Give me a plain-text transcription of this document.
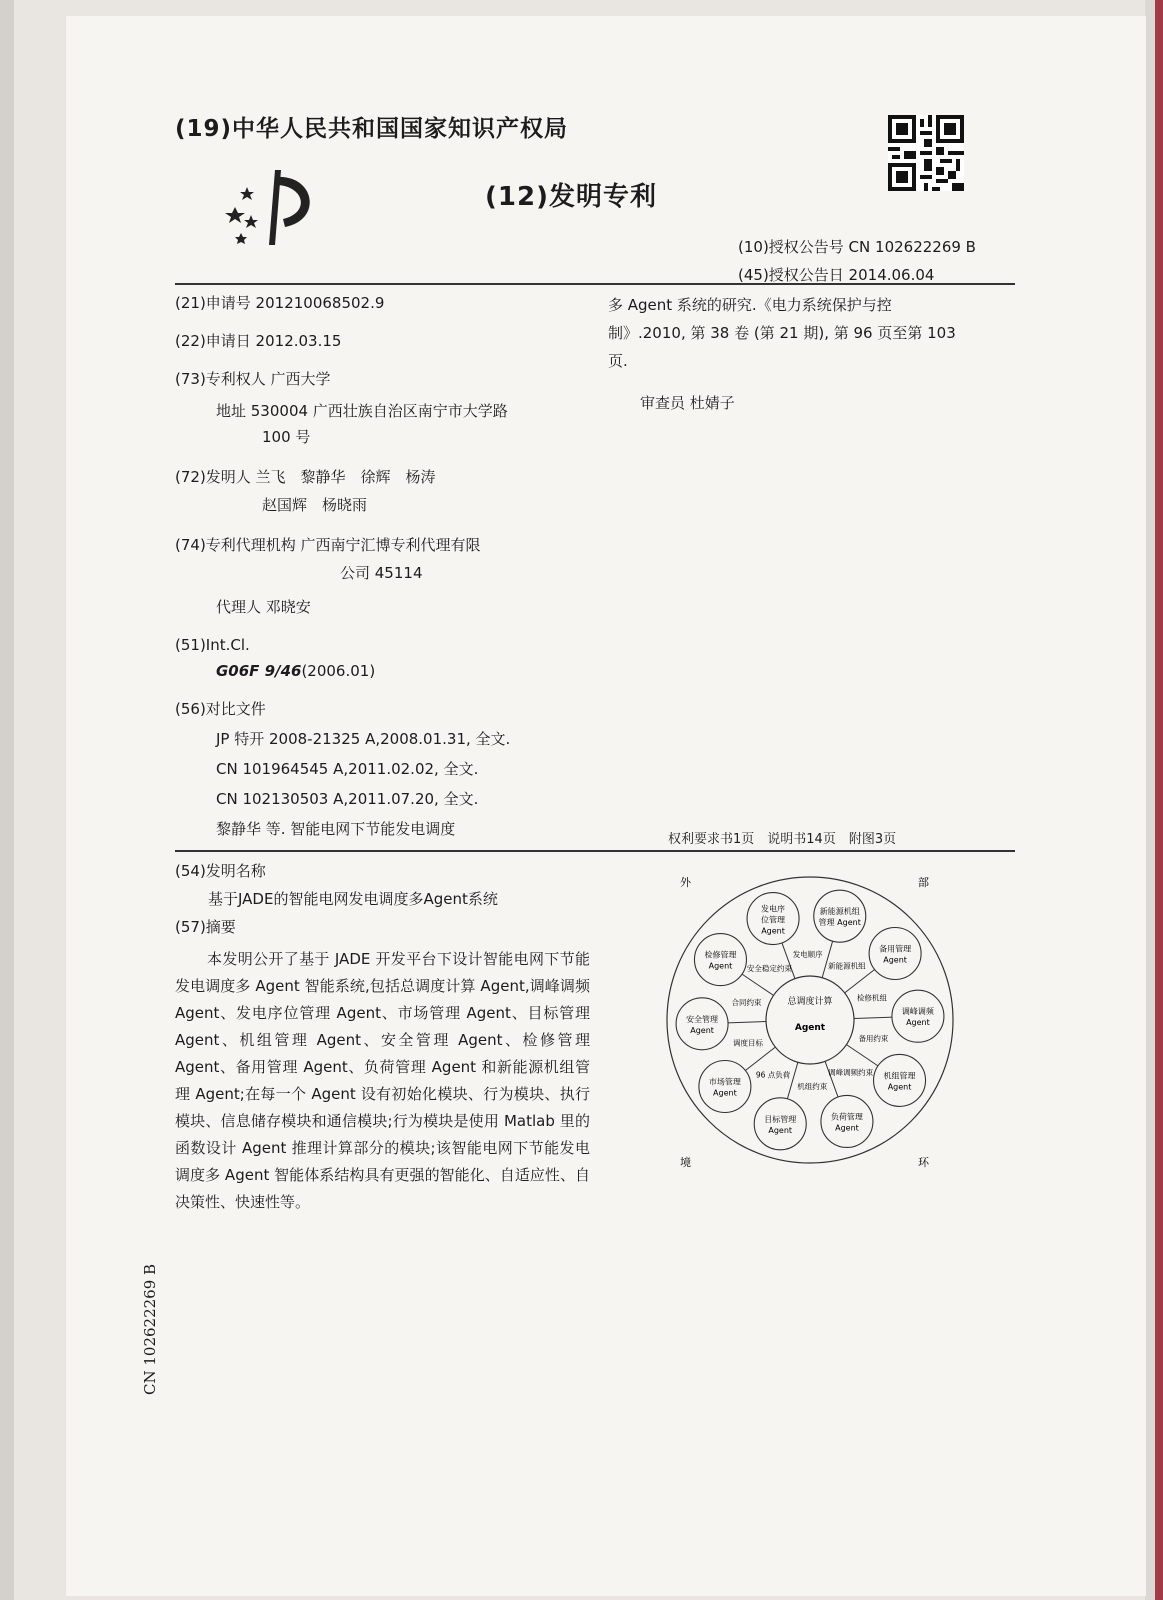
(19)中华人民共和国国家知识产权局
(12)发明专利
(10)授权公告号 CN 102622269 B
(45)授权公告日 2014.06.04
(21)申请号 201210068502.9
(22)申请日 2012.03.15
(73)专利权人 广西大学
地址 530004 广西壮族自治区南宁市大学路
100 号
(72)发明人 兰飞　黎静华　徐辉　杨涛
赵国辉　杨晓雨
(74)专利代理机构 广西南宁汇博专利代理有限
公司 45114
代理人 邓晓安
(51)Int.Cl.
G06F 9/46(2006.01)
(56)对比文件
JP 特开 2008-21325 A,2008.01.31, 全文.
CN 101964545 A,2011.02.02, 全文.
CN 102130503 A,2011.07.20, 全文.
黎静华 等. 智能电网下节能发电调度
多 Agent 系统的研究.《电力系统保护与控
制》.2010, 第 38 卷 (第 21 期), 第 96 页至第 103
页.
审查员 杜婧子
权利要求书1页　说明书14页　附图3页
(54)发明名称
基于JADE的智能电网发电调度多Agent系统
(57)摘要
本发明公开了基于 JADE 开发平台下设计智能电网下节能发电调度多 Agent 智能系统,包括总调度计算 Agent,调峰调频 Agent、发电序位管理 Agent、市场管理 Agent、目标管理 Agent、机组管理 Agent、安全管理 Agent、检修管理 Agent、备用管理 Agent、负荷管理 Agent 和新能源机组管理 Agent;在每一个 Agent 设有初始化模块、行为模块、执行模块、信息储存模块和通信模块;行为模块是使用 Matlab 里的函数设计 Agent 推理计算部分的模块;该智能电网下节能发电调度多 Agent 智能体系结构具有更强的智能化、自适应性、自决策性、快速性等。
外	部
境	环
总调度计算
Agent
发电序
位管理
Agent
新能源机组
管理 Agent
备用管理
Agent
调峰调频
Agent
机组管理
Agent
负荷管理
Agent
目标管理
Agent
市场管理
Agent
安全管理
Agent
检修管理
Agent
发电顺序
新能源机组
检修机组
备用约束
调峰调频约束
机组约束
96 点负荷
调度目标
合同约束
安全稳定约束
CN 102622269 B
